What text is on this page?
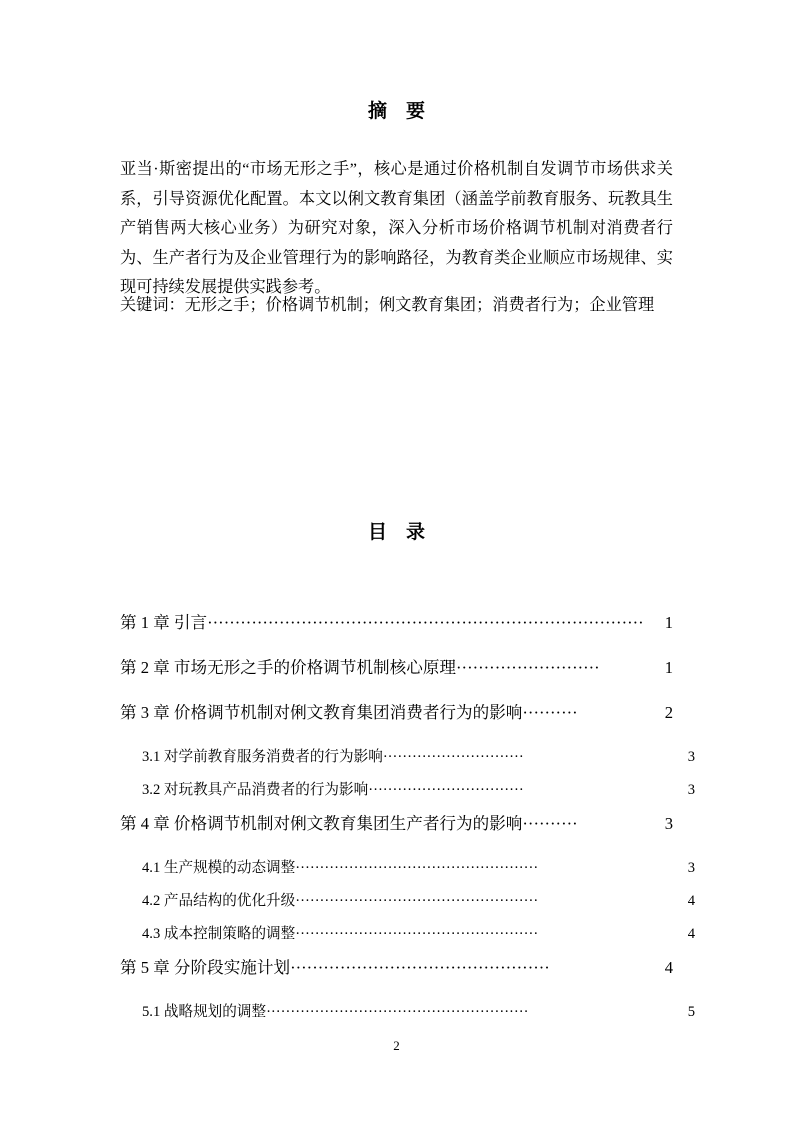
摘 要

亚当·斯密提出的“市场无形之手”，核心是通过价格机制自发调节市场供求关系，引导资源优化配置。本文以俐文教育集团（涵盖学前教育服务、玩教具生产销售两大核心业务）为研究对象，深入分析市场价格调节机制对消费者行为、生产者行为及企业管理行为的影响路径，为教育类企业顺应市场规律、实现可持续发展提供实践参考。

关键词：无形之手；价格调节机制；俐文教育集团；消费者行为；企业管理
目 录
第 1 章 引言 ···············································································	1
第 2 章 市场无形之手的价格调节机制核心原理 ··························	1
第 3 章 价格调节机制对俐文教育集团消费者行为的影响 ··········	2
3.1 对学前教育服务消费者的行为影响 ·····························	3
3.2 对玩教具产品消费者的行为影响 ································	3
第 4 章 价格调节机制对俐文教育集团生产者行为的影响 ··········	3
4.1 生产规模的动态调整 ··················································	3
4.2 产品结构的优化升级 ··················································	4
4.3 成本控制策略的调整 ··················································	4
第 5 章 分阶段实施计划 ···············································	4
5.1 战略规划的调整 ······················································	5
2
